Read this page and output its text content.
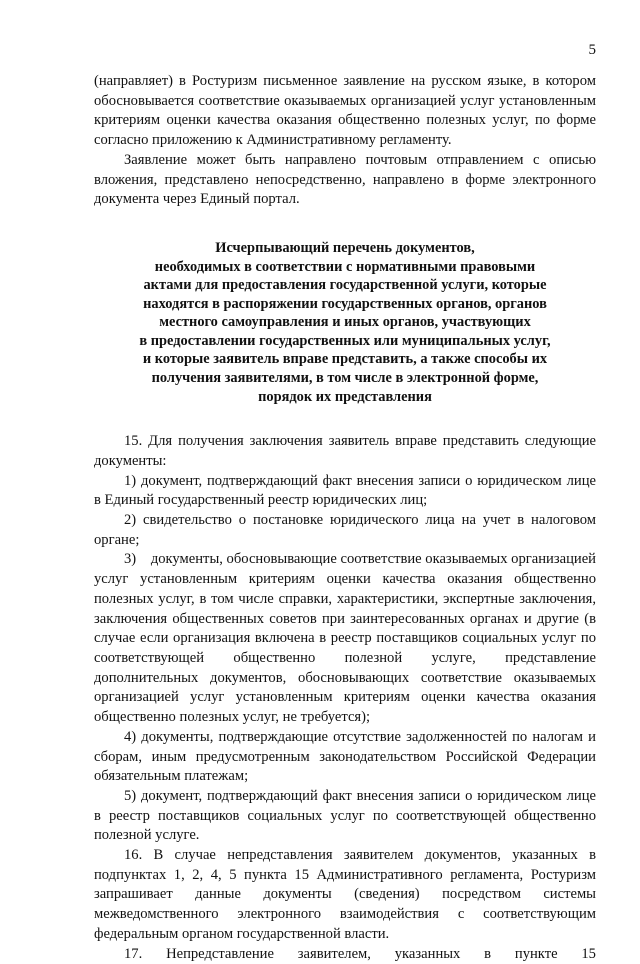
5

(направляет) в Ростуризм письменное заявление на русском языке, в котором обосновывается соответствие оказываемых организацией услуг установленным критериям оценки качества оказания общественно полезных услуг, по форме согласно приложению к Административному регламенту.

Заявление может быть направлено почтовым отправлением с описью вложения, представлено непосредственно, направлено в форме электронного документа через Единый портал.

Исчерпывающий перечень документов,
необходимых в соответствии с нормативными правовыми
актами для предоставления государственной услуги, которые
находятся в распоряжении государственных органов, органов
местного самоуправления и иных органов, участвующих
в предоставлении государственных или муниципальных услуг,
и которые заявитель вправе представить, а также способы их
получения заявителями, в том числе в электронной форме,
порядок их представления

15. Для получения заключения заявитель вправе представить следующие документы:

1) документ, подтверждающий факт внесения записи о юридическом лице в Единый государственный реестр юридических лиц;

2) свидетельство о постановке юридического лица на учет в налоговом органе;

3)    документы, обосновывающие соответствие оказываемых организацией услуг установленным критериям оценки качества оказания общественно полезных услуг, в том числе справки, характеристики, экспертные заключения, заключения общественных советов при заинтересованных органах и другие (в случае если организация включена в реестр поставщиков социальных услуг по соответствующей общественно полезной услуге, представление дополнительных документов, обосновывающих соответствие оказываемых организацией услуг установленным критериям оценки качества оказания общественно полезных услуг, не требуется);

4) документы, подтверждающие отсутствие задолженностей по налогам и сборам, иным предусмотренным законодательством Российской Федерации обязательным платежам;

5) документ, подтверждающий факт внесения записи о юридическом лице в реестр поставщиков социальных услуг по соответствующей общественно полезной услуге.

16. В случае непредставления заявителем документов, указанных в подпунктах 1, 2, 4, 5 пункта 15 Административного регламента, Ростуризм запрашивает данные документы (сведения) посредством системы межведомственного электронного взаимодействия с соответствующим федеральным органом государственной власти.

17. Непредставление заявителем, указанных в пункте 15
